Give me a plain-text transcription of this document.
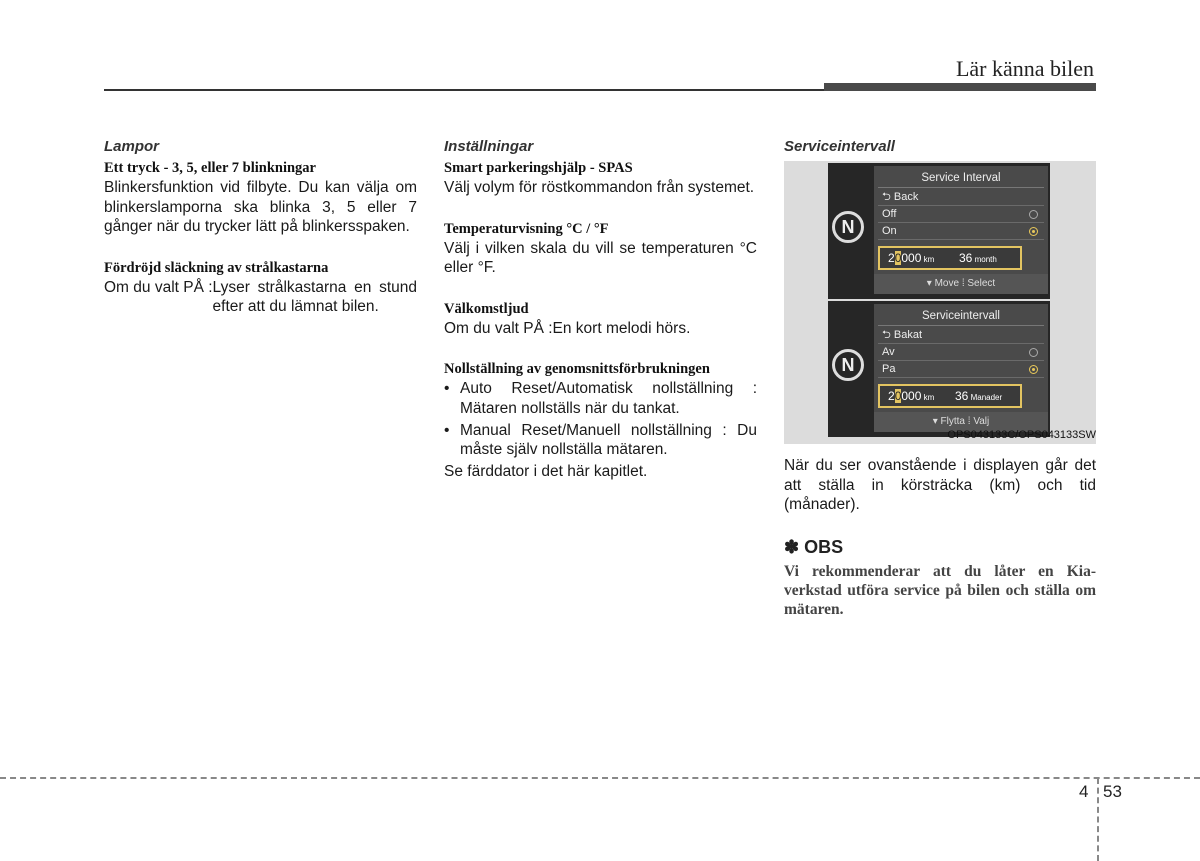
Lär känna bilen
Lampor
Ett tryck - 3, 5, eller 7 blinkningar
Blinkersfunktion vid filbyte. Du kan välja om blinkerslamporna ska blinka 3, 5 eller 7 gånger när du trycker lätt på blinkersspaken.
Fördröjd släckning av strålkastarna
Om du valt PÅ : Lyser strålkastarna en stund efter att du lämnat bilen.
Inställningar
Smart parkeringshjälp - SPAS
Välj volym för röstkommandon från systemet.
Temperaturvisning °C / °F
Välj i vilken skala du vill se temperaturen °C eller °F.
Välkomstljud
Om du valt PÅ : En kort melodi hörs.
Nollställning av genomsnittsförbrukningen
• Auto Reset/Automatisk nollställning : Mätaren nollställs när du tankat.
• Manual Reset/Manuell nollställning : Du måste själv nollställa mätaren.
Se färddator i det här kapitlet.
Serviceintervall
N
Service Interval
⮌ Back
Off
On
20000 km 36 month
▾ Move ⁞ Select
N
Serviceintervall
⮌ Bakat
Av
Pa
20000 km 36 Manader
▾ Flytta ⁞ Valj
OPS043133C/OPS043133SW
När du ser ovanstående i displayen går det att ställa in körsträcka (km) och tid (månader).
✽ OBS
Vi rekommenderar att du låter en Kia-verkstad utföra service på bilen och ställa om mätaren.
4 53
